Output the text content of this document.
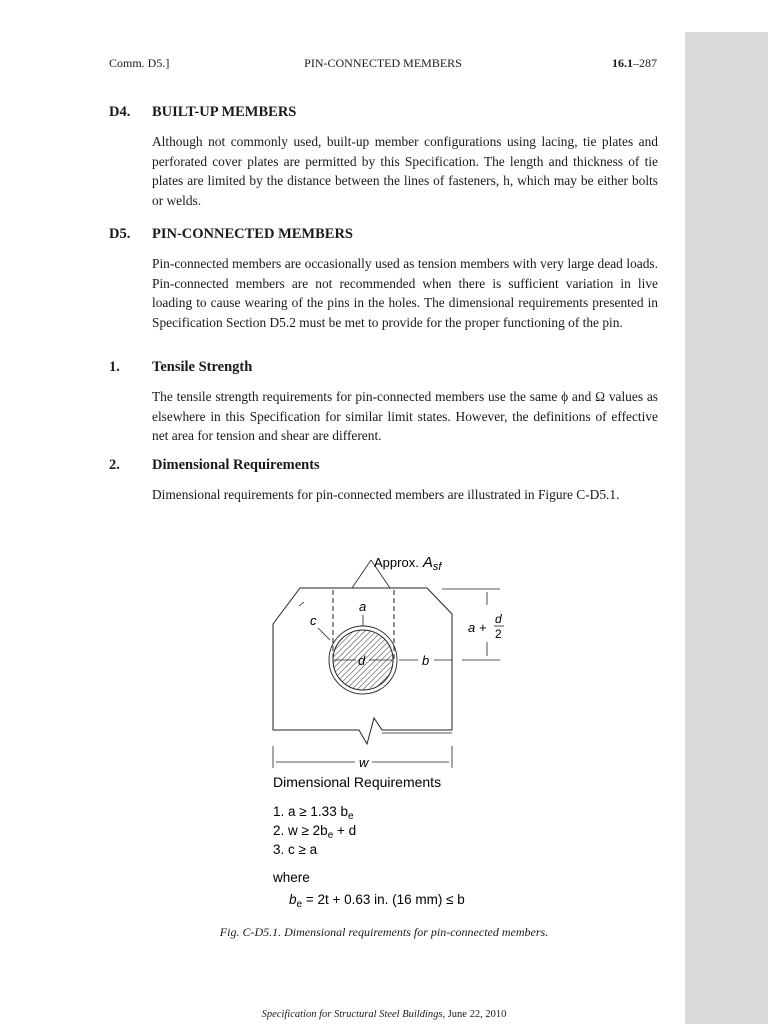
Comm. D5.]	PIN-CONNECTED MEMBERS	16.1–287
D4. BUILT-UP MEMBERS
Although not commonly used, built-up member configurations using lacing, tie plates and perforated cover plates are permitted by this Specification. The length and thickness of tie plates are limited by the distance between the lines of fasteners, h, which may be either bolts or welds.
D5. PIN-CONNECTED MEMBERS
Pin-connected members are occasionally used as tension members with very large dead loads. Pin-connected members are not recommended when there is sufficient variation in live loading to cause wearing of the pins in the holes. The dimensional requirements presented in Specification Section D5.2 must be met to provide for the proper functioning of the pin.
1. Tensile Strength
The tensile strength requirements for pin-connected members use the same ϕ and Ω values as elsewhere in this Specification for similar limit states. However, the definitions of effective net area for tension and shear are different.
2. Dimensional Requirements
Dimensional requirements for pin-connected members are illustrated in Figure C-D5.1.
Approx. $A_{sf}$
a
c
d	b
a +
d
2
w
Dimensional Requirements
1. a ≥ 1.33 $b_e$
2. $w \ge 2b_e + d$
3. c ≥ a
where
$b_e = 2t + 0.63$ in. (16 mm) ≤ b
Fig. C-D5.1. Dimensional requirements for pin-connected members.
Specification for Structural Steel Buildings, June 22, 2010
